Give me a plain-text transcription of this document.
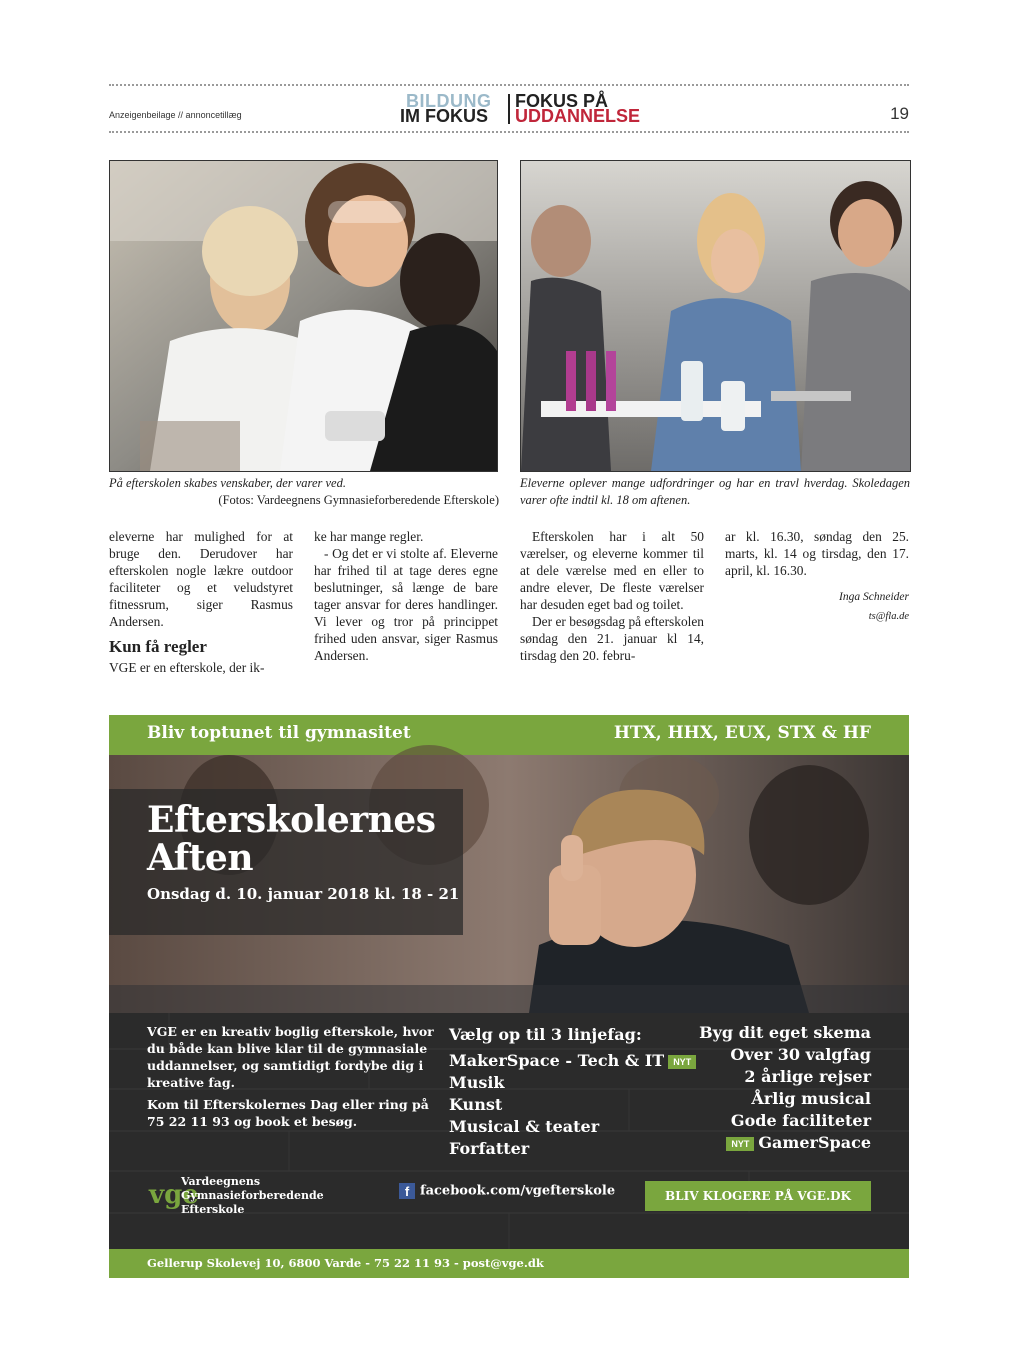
Anzeigenbeilage // annoncetillæg
BILDUNG
IM FOKUS
FOKUS PÅ
UDDANNELSE	19
På efterskolen skabes venskaber, der varer ved.
(Fotos: Vardeegnens Gymnasieforberedende Efterskole)
Eleverne oplever mange udfordringer og har en travl hverdag. Skoledagen varer ofte indtil kl. 18 om aftenen.

eleverne har mulighed for at bruge den. Derudover har efterskolen nogle lækre outdoor faciliteter og et veludstyret fitnessrum, siger Rasmus Andersen.

Kun få regler

VGE er en efterskole, der ik-

ke har mange regler.

- Og det er vi stolte af. Eleverne har frihed til at tage deres egne beslutninger, så længe de bare tager ansvar for deres handlinger. Vi lever og tror på princippet frihed uden ansvar, siger Rasmus Andersen.

Efterskolen har i alt 50 værelser, og eleverne kommer til at dele værelse med en eller to andre elever, De fleste værelser har desuden eget bad og toilet.

Der er besøgsdag på efterskolen søndag den 21. januar kl 14, tirsdag den 20. febru-

ar kl. 16.30, søndag den 25. marts, kl. 14 og tirsdag, den 17. april, kl. 16.30.

Inga Schneider
ts@fla.de
Bliv toptunet til gymnasitet	HTX, HHX, EUX, STX & HF
Efterskolernes
Aften
Onsdag d. 10. januar 2018 kl. 18 - 21

VGE er en kreativ boglig efterskole, hvor du både kan blive klar til de gymnasiale uddannelser, og samtidigt fordybe dig i kreative fag.

Kom til Efterskolernes Dag eller ring på 75 22 11 93 og book et besøg.

Vælg op til 3 linjefag:
MakerSpace - Tech & IT NYT
Musik
Kunst
Musical & teater
Forfatter
Byg dit eget skema
Over 30 valgfag
2 årlige rejser
Årlig musical
Gode faciliteter
NYT GamerSpace
vge
Vardeegnens
Gymnasieforberedende
Efterskole
f facebook.com/vgefterskole	BLIV KLOGERE PÅ VGE.DK
Gellerup Skolevej 10, 6800 Varde - 75 22 11 93 - post@vge.dk
